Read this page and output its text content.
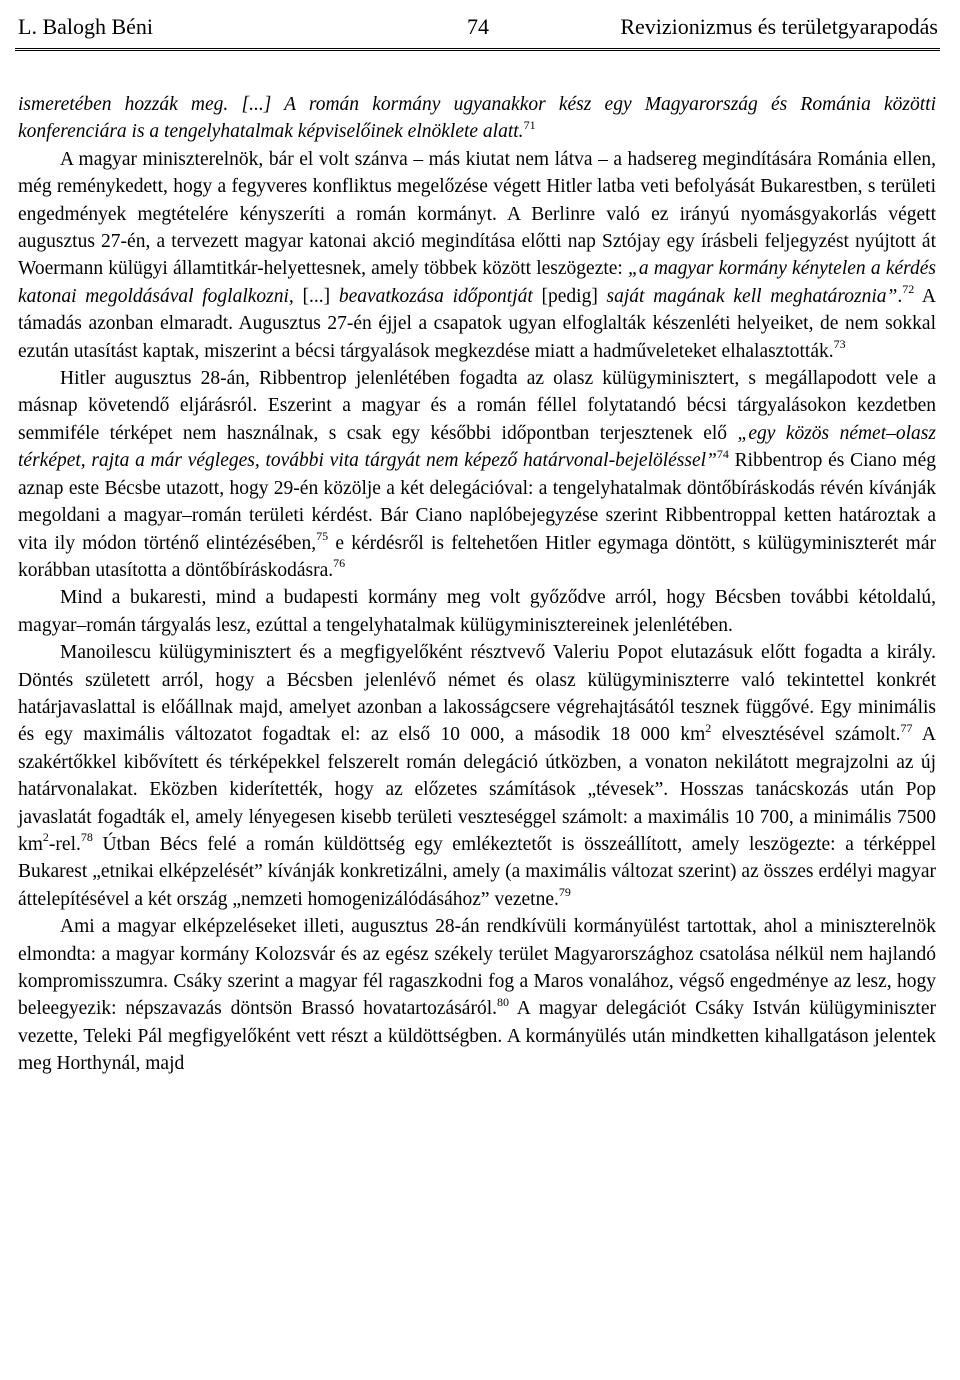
L. Balogh Béni	74	Revizionizmus és területgyarapodás

ismeretében hozzák meg. [...] A román kormány ugyanakkor kész egy Magyarország és Románia közötti konferenciára is a tengelyhatalmak képviselőinek elnöklete alatt.$^{71}$

A magyar miniszterelnök, bár el volt szánva – más kiutat nem látva – a hadsereg megindítására Románia ellen, még reménykedett, hogy a fegyveres konfliktus megelőzése végett Hitler latba veti befolyását Bukarestben, s területi engedmények megtételére kényszeríti a román kormányt. A Berlinre való ez irányú nyomásgyakorlás végett augusztus 27-én, a tervezett magyar katonai akció megindítása előtti nap Sztójay egy írásbeli feljegyzést nyújtott át Woermann külügyi államtitkár-helyettesnek, amely többek között leszögezte: „a magyar kormány kénytelen a kérdés katonai megoldásával foglalkozni, [...] beavatkozása időpontját [pedig] saját magának kell meghatároznia”.$^{72}$ A támadás azonban elmaradt. Augusztus 27-én éjjel a csapatok ugyan elfoglalták készenléti helyeiket, de nem sokkal ezután utasítást kaptak, miszerint a bécsi tárgyalások megkezdése miatt a hadműveleteket elhalasztották.$^{73}$

Hitler augusztus 28-án, Ribbentrop jelenlétében fogadta az olasz külügyminisztert, s megállapodott vele a másnap követendő eljárásról. Eszerint a magyar és a román féllel folytatandó bécsi tárgyalásokon kezdetben semmiféle térképet nem használnak, s csak egy későbbi időpontban terjesztenek elő „egy közös német–olasz térképet, rajta a már végleges, további vita tárgyát nem képező határvonal-bejelöléssel”$^{74}$ Ribbentrop és Ciano még aznap este Bécsbe utazott, hogy 29-én közölje a két delegációval: a tengelyhatalmak döntőbíráskodás révén kívánják megoldani a magyar–román területi kérdést. Bár Ciano naplóbejegyzése szerint Ribbentroppal ketten határoztak a vita ily módon történő elintézésében,$^{75}$ e kérdésről is feltehetően Hitler egymaga döntött, s külügyminiszterét már korábban utasította a döntőbíráskodásra.$^{76}$

Mind a bukaresti, mind a budapesti kormány meg volt győződve arról, hogy Bécsben további kétoldalú, magyar–román tárgyalás lesz, ezúttal a tengelyhatalmak külügyminisztereinek jelenlétében.

Manoilescu külügyminisztert és a megfigyelőként résztvevő Valeriu Popot elutazásuk előtt fogadta a király. Döntés született arról, hogy a Bécsben jelenlévő német és olasz külügyminiszterre való tekintettel konkrét határjavaslattal is előállnak majd, amelyet azonban a lakosságcsere végrehajtásától tesznek függővé. Egy minimális és egy maximális változatot fogadtak el: az első 10 000, a második 18 000 $km^2$ elvesztésével számolt.$^{77}$ A szakértőkkel kibővített és térképekkel felszerelt román delegáció útközben, a vonaton nekilátott megrajzolni az új határvonalakat. Eközben kiderítették, hogy az előzetes számítások „tévesek”. Hosszas tanácskozás után Pop javaslatát fogadták el, amely lényegesen kisebb területi veszteséggel számolt: a maximális 10 700, a minimális 7500 $km^2-rel.^{78}$ Útban Bécs felé a román küldöttség egy emlékeztetőt is összeállított, amely leszögezte: a térképpel Bukarest „etnikai elképzelését” kívánják konkretizálni, amely (a maximális változat szerint) az összes erdélyi magyar áttelepítésével a két ország „nemzeti homogenizálódásához” vezetne.$^{79}$

Ami a magyar elképzeléseket illeti, augusztus 28-án rendkívüli kormányülést tartottak, ahol a miniszterelnök elmondta: a magyar kormány Kolozsvár és az egész székely terület Magyarországhoz csatolása nélkül nem hajlandó kompromisszumra. Csáky szerint a magyar fél ragaszkodni fog a Maros vonalához, végső engedménye az lesz, hogy beleegyezik: népszavazás döntsön Brassó hovatartozásáról.$^{80}$ A magyar delegációt Csáky István külügyminiszter vezette, Teleki Pál megfigyelőként vett részt a küldöttségben. A kormányülés után mindketten kihallgatáson jelentek meg Horthynál, majd
